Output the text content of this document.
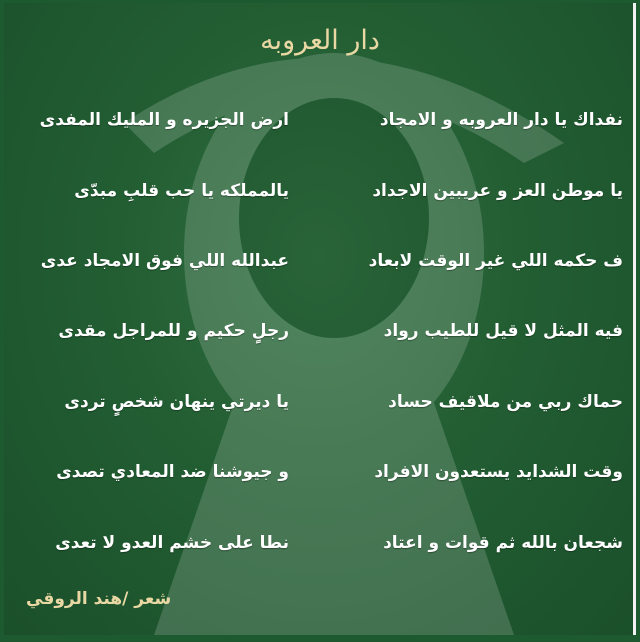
دار العروبه
نفداك يا دار العروبه و الامجاد
ارض الجزيره و المليك المفدى
يا موطن العز و عريبين الاجداد
يالمملكه يا حب قلبِ مبدّى
ف حكمه اللي غير الوقت لابعاد
عبدالله اللي فوق الامجاد عدى
فيه المثل لا قيل للطيب رواد
رجلٍ حكيم و للمراجل مقدى
حماك ربي من ملاقيف حساد
يا ديرتي ينهان شخصٍ تردى
وقت الشدايد يستعدون الافراد
و جيوشنا ضد المعادي تصدى
شجعان بالله ثم قوات و اعتاد
نطا على خشم العدو لا تعدى
شعر /هند الروقي
